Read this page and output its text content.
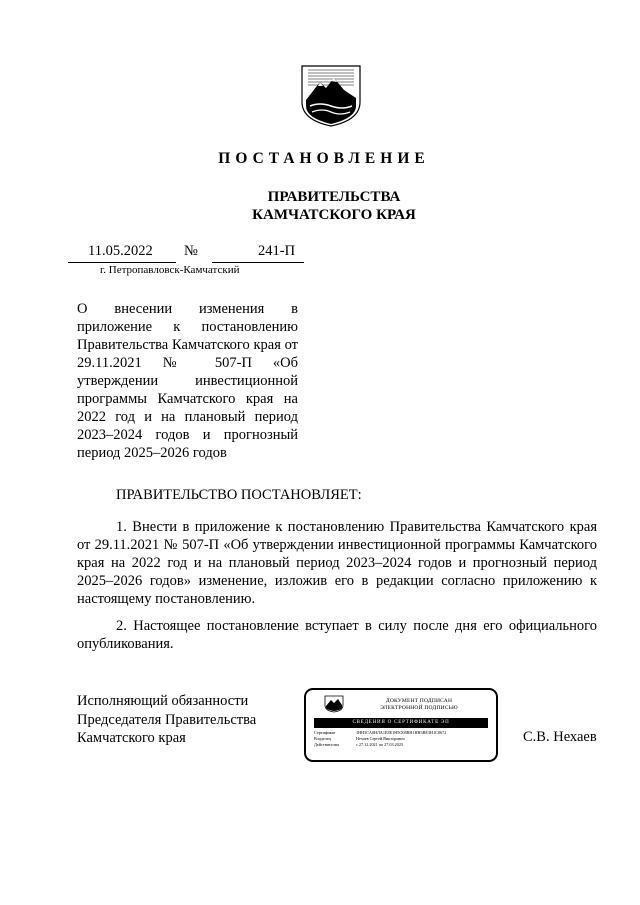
ПОСТАНОВЛЕНИЕ
ПРАВИТЕЛЬСТВА
КАМЧАТСКОГО КРАЯ
11.05.2022 №	241-П
г. Петропавловск-Камчатский
О внесении изменения в приложение к постановлению Правительства Камчатского края от 29.11.2021 № 507-П «Об утверждении инвестиционной программы Камчатского края на 2022 год и на плановый период 2023–2024 годов и прогнозный период 2025–2026 годов
ПРАВИТЕЛЬСТВО ПОСТАНОВЛЯЕТ:

1. Внести в приложение к постановлению Правительства Камчатского края от 29.11.2021 № 507-П «Об утверждении инвестиционной программы Камчатского края на 2022 год и на плановый период 2023–2024 годов и прогнозный период 2025–2026 годов» изменение, изложив его в редакции согласно приложению к настоящему постановлению.

2. Настоящее постановление вступает в силу после дня его официального опубликования.

Исполняющий обязанности
Председателя Правительства
Камчатского края	С.В. Нехаев
ДОКУМЕНТ ПОДПИСАН
ЭЛЕКТРОННОЙ ПОДПИСЬЮ
СВЕДЕНИЯ О СЕРТИФИКАТЕ ЭП
Сертификат	1НН3СА0НЛА1Е8Е1Н5О08ВН1НН3ВЕ3Н1С0672
Владелец	Нехаев Сергей Викторович
Действителен	с 27.12.2021 по 27.03.2023
